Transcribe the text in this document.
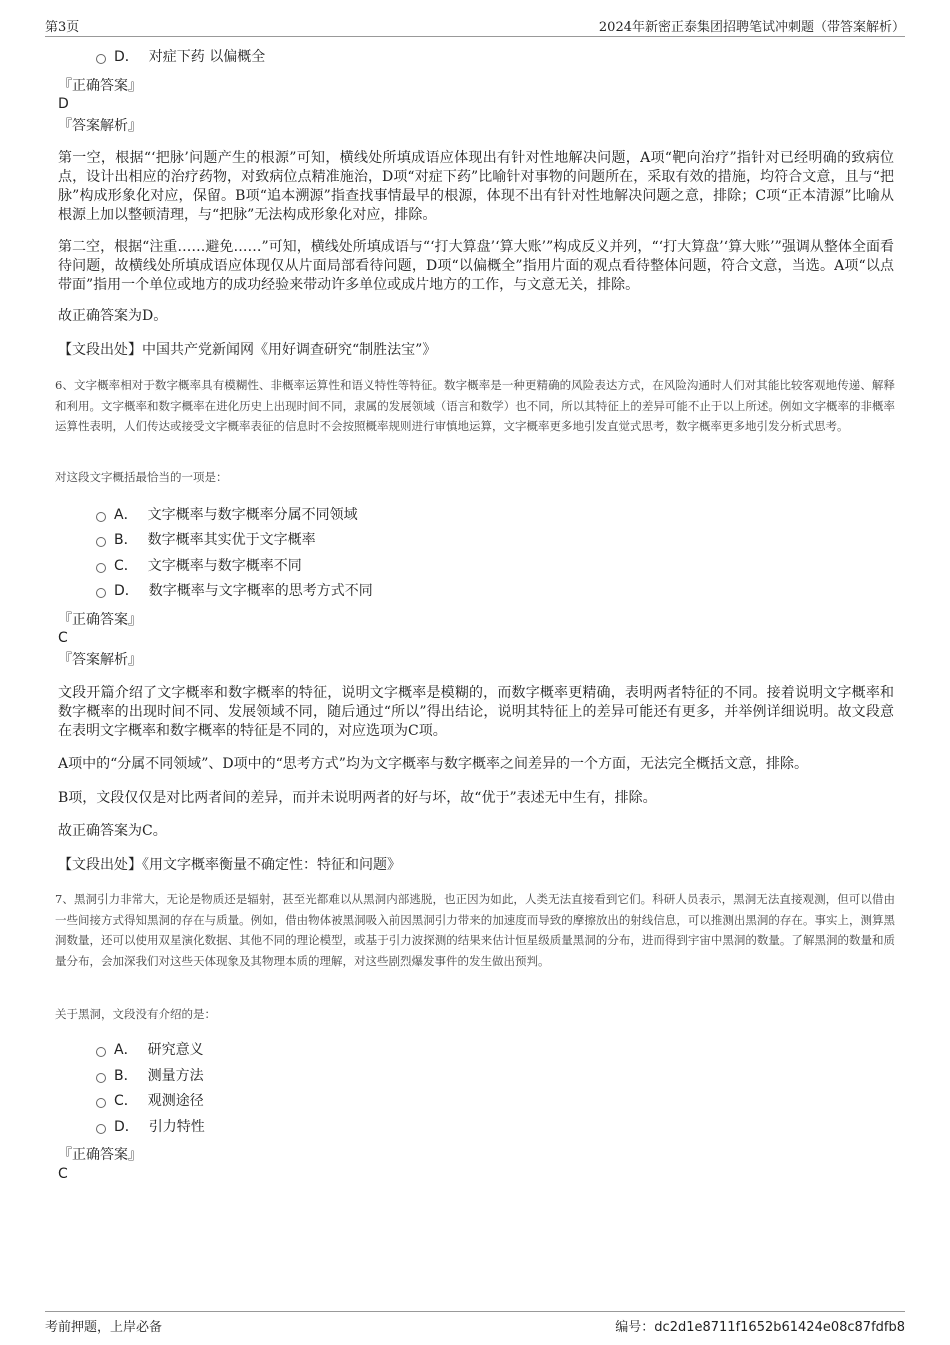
第3页	2024年新密正泰集团招聘笔试冲刺题（带答案解析）
D． 对症下药 以偏概全
『正确答案』
D
『答案解析』
第一空，根据“‘把脉’问题产生的根源”可知，横线处所填成语应体现出有针对性地解决问题，A项“靶向治疗”指针对已经明确的致病位点，设计出相应的治疗药物，对致病位点精准施治，D项“对症下药”比喻针对事物的问题所在，采取有效的措施，均符合文意，且与“把脉”构成形象化对应，保留。B项“追本溯源”指查找事情最早的根源，体现不出有针对性地解决问题之意，排除；C项“正本清源”比喻从根源上加以整顿清理，与“把脉”无法构成形象化对应，排除。
第二空，根据“注重……避免……”可知，横线处所填成语与“‘打大算盘’‘算大账’”构成反义并列，“‘打大算盘’‘算大账’”强调从整体全面看待问题，故横线处所填成语应体现仅从片面局部看待问题，D项“以偏概全”指用片面的观点看待整体问题，符合文意，当选。A项“以点带面”指用一个单位或地方的成功经验来带动许多单位或成片地方的工作，与文意无关，排除。
故正确答案为D。
【文段出处】中国共产党新闻网《用好调查研究“制胜法宝”》
6、文字概率相对于数字概率具有模糊性、非概率运算性和语义特性等特征。数字概率是一种更精确的风险表达方式，在风险沟通时人们对其能比较客观地传递、解释和利用。文字概率和数字概率在进化历史上出现时间不同，隶属的发展领域（语言和数学）也不同，所以其特征上的差异可能不止于以上所述。例如文字概率的非概率运算性表明，人们传达或接受文字概率表征的信息时不会按照概率规则进行审慎地运算，文字概率更多地引发直觉式思考，数字概率更多地引发分析式思考。
对这段文字概括最恰当的一项是：
A． 文字概率与数字概率分属不同领域
B． 数字概率其实优于文字概率
C． 文字概率与数字概率不同
D． 数字概率与文字概率的思考方式不同
『正确答案』
C
『答案解析』
文段开篇介绍了文字概率和数字概率的特征，说明文字概率是模糊的，而数字概率更精确，表明两者特征的不同。接着说明文字概率和数字概率的出现时间不同、发展领域不同，随后通过“所以”得出结论，说明其特征上的差异可能还有更多，并举例详细说明。故文段意在表明文字概率和数字概率的特征是不同的，对应选项为C项。
A项中的“分属不同领域”、D项中的“思考方式”均为文字概率与数字概率之间差异的一个方面，无法完全概括文意，排除。
B项，文段仅仅是对比两者间的差异，而并未说明两者的好与坏，故“优于”表述无中生有，排除。
故正确答案为C。
【文段出处】《用文字概率衡量不确定性：特征和问题》
7、黑洞引力非常大，无论是物质还是辐射，甚至光都难以从黑洞内部逃脱，也正因为如此，人类无法直接看到它们。科研人员表示，黑洞无法直接观测，但可以借由一些间接方式得知黑洞的存在与质量。例如，借由物体被黑洞吸入前因黑洞引力带来的加速度而导致的摩擦放出的射线信息，可以推测出黑洞的存在。事实上，测算黑洞数量，还可以使用双星演化数据、其他不同的理论模型，或基于引力波探测的结果来估计恒星级质量黑洞的分布，进而得到宇宙中黑洞的数量。了解黑洞的数量和质量分布，会加深我们对这些天体现象及其物理本质的理解，对这些剧烈爆发事件的发生做出预判。
关于黑洞，文段没有介绍的是：
A． 研究意义
B． 测量方法
C． 观测途径
D． 引力特性
『正确答案』
C
考前押题，上岸必备	编号：dc2d1e8711f1652b61424e08c87fdfb8
